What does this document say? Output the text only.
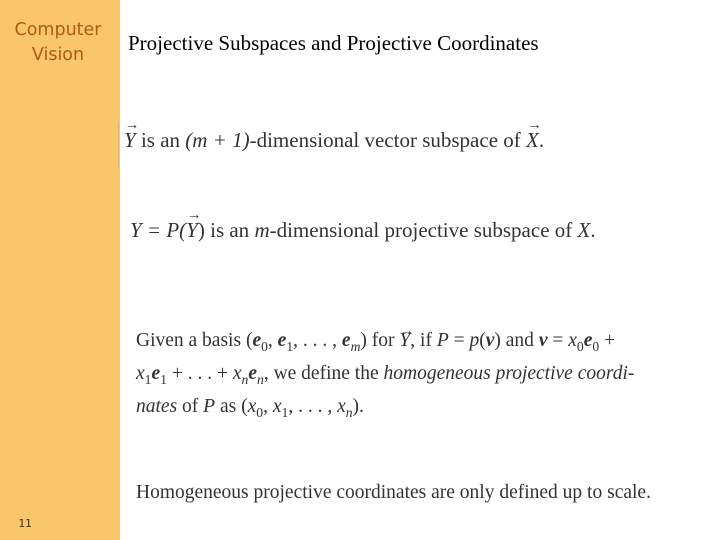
Computer
Vision
11
Projective Subspaces and Projective Coordinates
→ Y is an (m + 1)-dimensional vector subspace of → X.
Y = P(→ Y) is an m-dimensional projective subspace of X.
Given a basis ($e_0$, $e_1$, . . . , $e_m$) for → Y, if P = p(v) and $v = x_0e_0$ +
$x_1e_1$ + . . . + $x_ne_n$, we define the homogeneous projective coordi-
nates of P as ($x_0$, $x_1$, . . . , $x_n$).
Homogeneous projective coordinates are only defined up to scale.
